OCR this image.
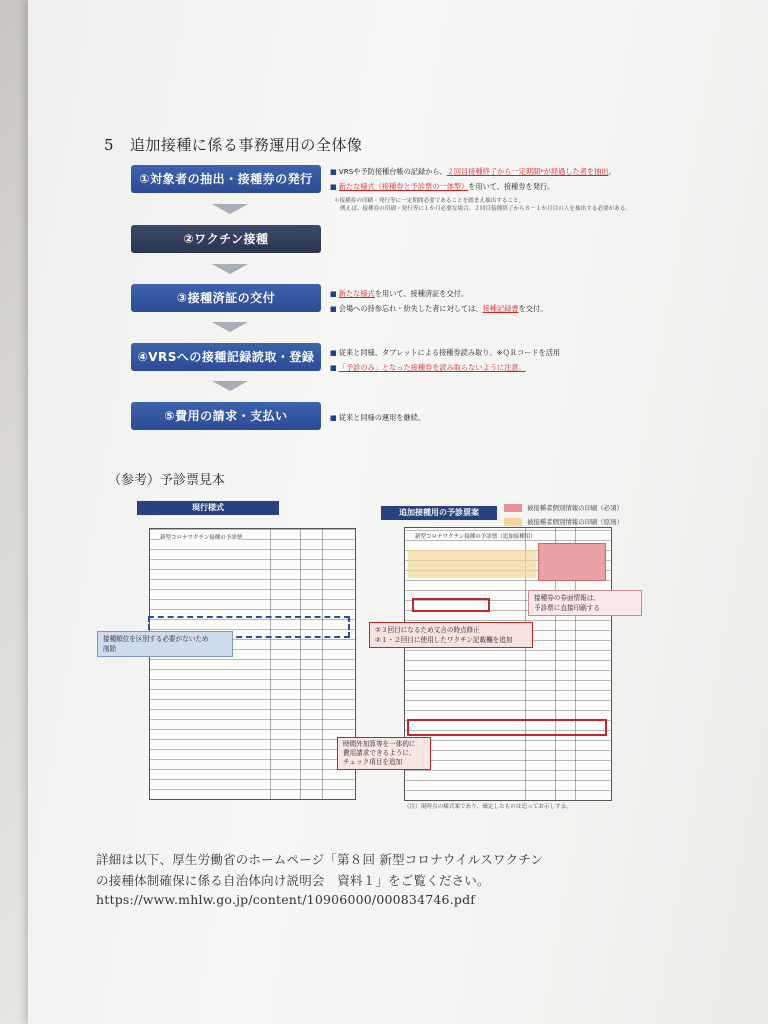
5 追加接種に係る事務運用の全体像
①対象者の抽出・接種券の発行
②ワクチン接種
③接種済証の交付
④VRSへの接種記録読取・登録
⑤費用の請求・支払い
■ VRSや予防接種台帳の記録から、２回目接種終了から一定期間*が経過した者を抽出。
■ 新たな様式（接種券と予診票の一体型）を用いて、接種券を発行。
＊接種券の印刷・発行等に一定期間必要であることを踏まえ抽出すること。
例えば、接種券の印刷・発行等に１か月必要な場合、２回目接種終了から８－１か月目の人を抽出する必要がある。
■ 新たな様式を用いて、接種済証を交付。
■ 会場への持参忘れ・紛失した者に対しては、接種記録書を交付。
■ 従来と同様、タブレットによる接種券読み取り。※ＱＲコードを活用
■ 「予診のみ」となった接種券を読み取らないように注意。
■ 従来と同様の運用を継続。
（参考）予診票見本
現行様式
追加接種用の予診票案	被接種者個別情報の印刷（必須）
被接種者個別情報の印刷（原則）
新型コロナワクチン接種の予診票	新型コロナワクチン接種の予診票（追加接種用）
接種順位を区別する必要がないため
削除
時間外加算等を一体的に
費用請求できるように、
チェック項目を追加
接種券の券面情報は、
予診票に直接印刷する
②３回目になるため文言の時点修正
②１・２回目に使用したワクチン記載欄を追加
（注）現時点の様式案であり、確定したものは追ってお示しする。
詳細は以下、厚生労働省のホームページ「第８回 新型コロナウイルスワクチン
の接種体制確保に係る自治体向け説明会　資料１」をご覧ください。
https://www.mhlw.go.jp/content/10906000/000834746.pdf
